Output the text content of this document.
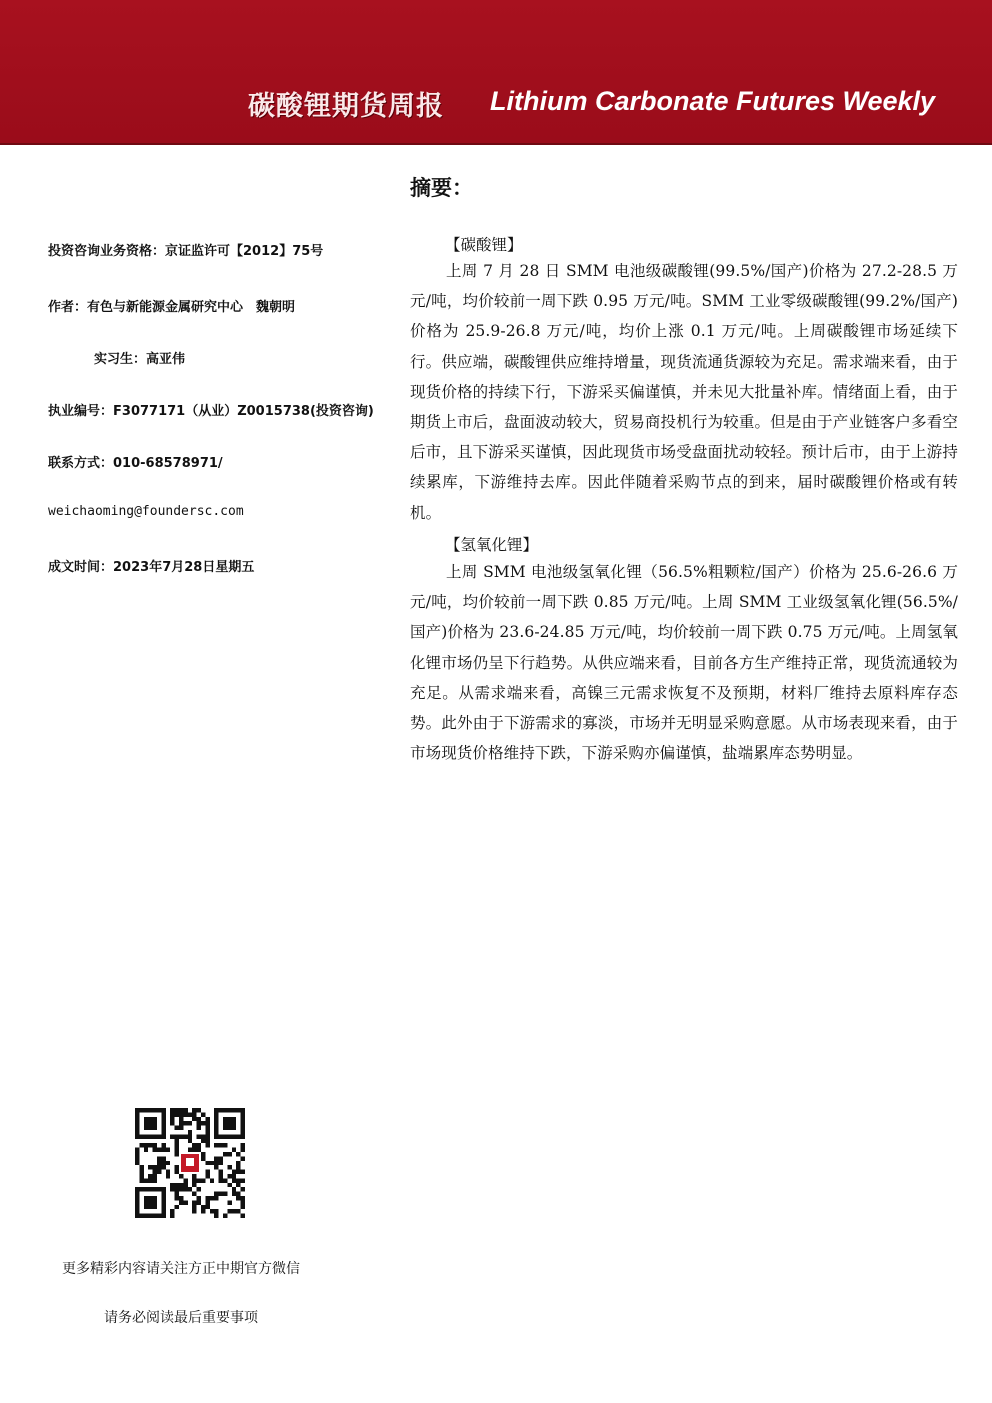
碳酸锂期货周报 Lithium Carbonate Futures Weekly
投资咨询业务资格：京证监许可【2012】75号
作者：有色与新能源金属研究中心　魏朝明
实习生：高亚伟
执业编号：F3077171（从业）Z0015738(投资咨询)
联系方式：010-68578971/
weichaoming@foundersc.com
成文时间：2023年7月28日星期五
摘要：
【碳酸锂】

上周 7 月 28 日 SMM 电池级碳酸锂(99.5%/国产)价格为 27.2-28.5 万元/吨，均价较前一周下跌 0.95 万元/吨。SMM 工业零级碳酸锂(99.2%/国产)价格为 25.9-26.8 万元/吨，均价上涨 0.1 万元/吨。上周碳酸锂市场延续下行。供应端，碳酸锂供应维持增量，现货流通货源较为充足。需求端来看，由于现货价格的持续下行，下游采买偏谨慎，并未见大批量补库。情绪面上看，由于期货上市后，盘面波动较大，贸易商投机行为较重。但是由于产业链客户多看空后市，且下游采买谨慎，因此现货市场受盘面扰动较轻。预计后市，由于上游持续累库，下游维持去库。因此伴随着采购节点的到来，届时碳酸锂价格或有转机。

【氢氧化锂】

上周 SMM 电池级氢氧化锂（56.5%粗颗粒/国产）价格为 25.6-26.6 万元/吨，均价较前一周下跌 0.85 万元/吨。上周 SMM 工业级氢氧化锂(56.5%/国产)价格为 23.6-24.85 万元/吨，均价较前一周下跌 0.75 万元/吨。上周氢氧化锂市场仍呈下行趋势。从供应端来看，目前各方生产维持正常，现货流通较为充足。从需求端来看，高镍三元需求恢复不及预期，材料厂维持去原料库存态势。此外由于下游需求的寡淡，市场并无明显采购意愿。从市场表现来看，由于市场现货价格维持下跌，下游采购亦偏谨慎，盐端累库态势明显。

更多精彩内容请关注方正中期官方微信
请务必阅读最后重要事项
